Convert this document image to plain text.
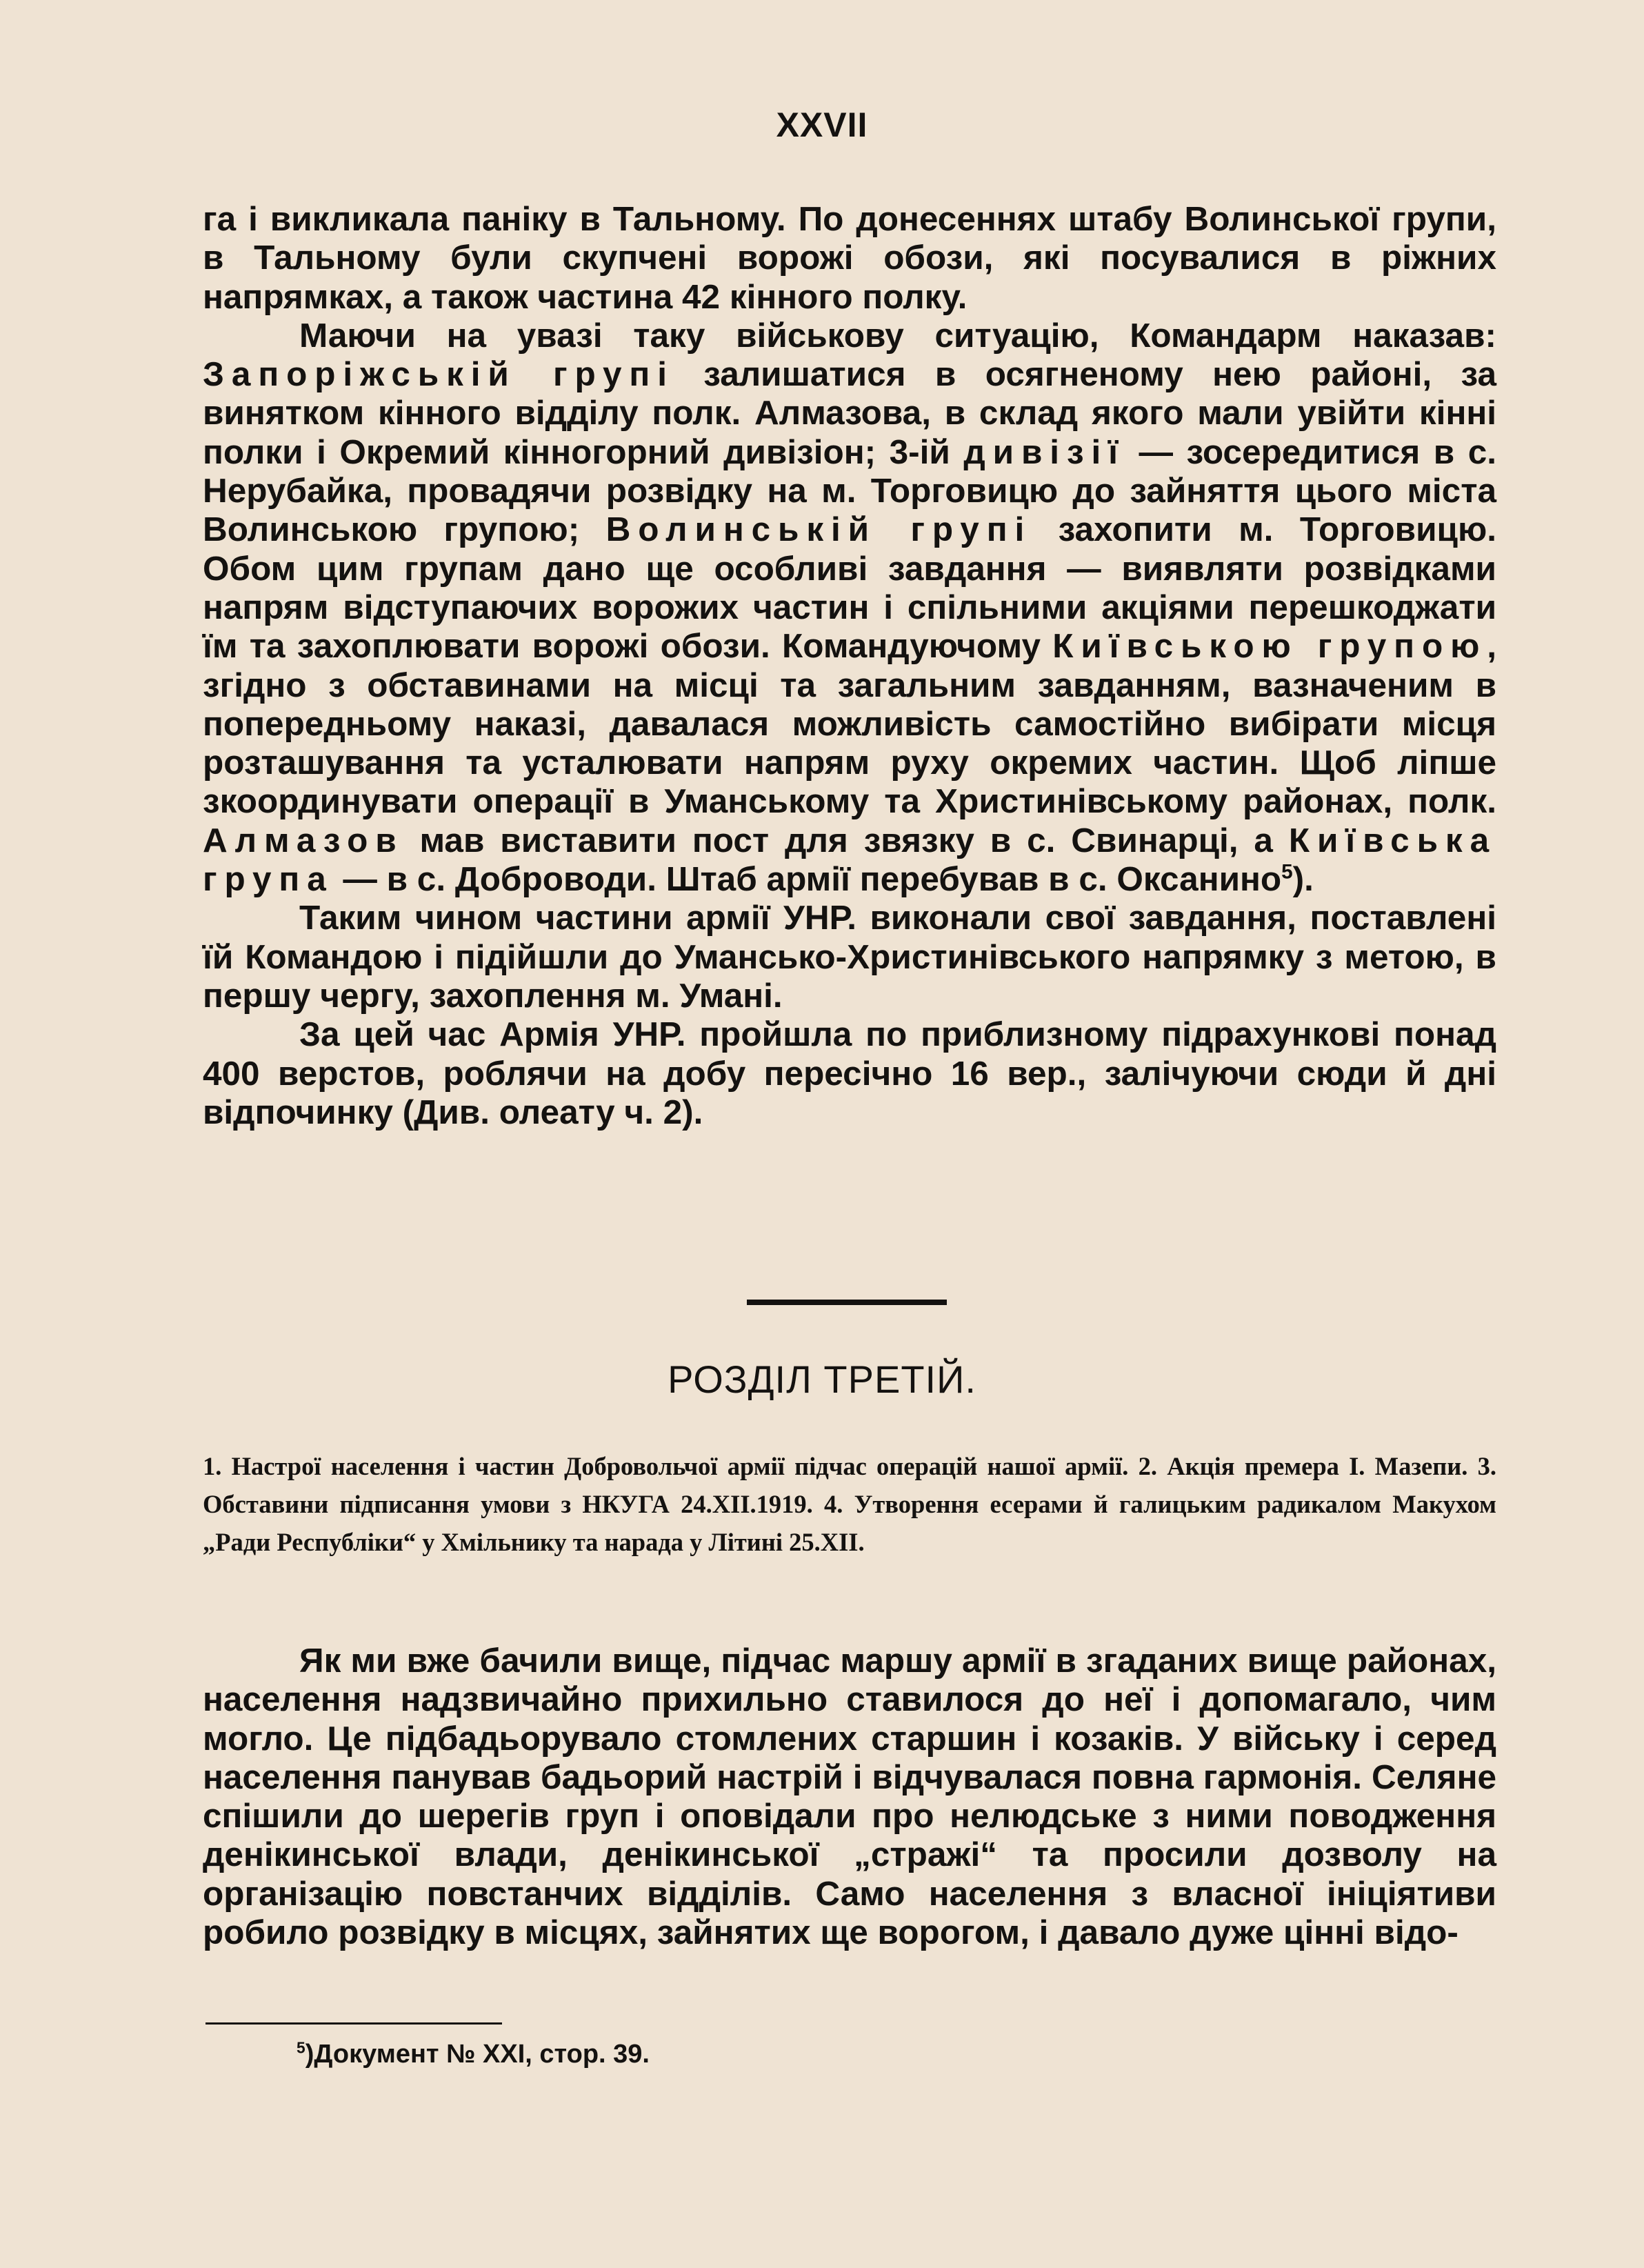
XXVII

га і викликала паніку в Тальному. По донесеннях штабу Волинської групи, в Тальному були скупчені ворожі обози, які посувалися в ріжних напрямках, а також частина 42 кінного полку.

Маючи на увазі таку військову ситуацію, Командарм наказав: Запоріжській групі залишатися в осягненому нею районі, за винятком кінного відділу полк. Алмазова, в склад якого мали увійти кінні полки і Окремий кінногорний дивізіон; 3-ій дивізії — зосередитися в с. Нерубайка, провадячи розвідку на м. Торговицю до зайняття цього міста Волинською групою; Волинській групі захопити м. Торговицю. Обом цим групам дано ще особливі завдання — виявляти розвідками напрям відступаючих ворожих частин і спільними акціями перешкоджати їм та захоплювати ворожі обози. Командуючому Київською групою, згідно з обставинами на місці та загальним завданням, вазначеним в попередньому наказі, давалася можливість самостійно вибірати місця розташування та усталювати напрям руху окремих частин. Щоб ліпше зкоординувати операції в Уманському та Христинівському районах, полк. Алмазов мав виставити пост для звязку в с. Свинарці, а Київська група — в с. Доброводи. Штаб армії перебував в с. Оксанино$^5$).

Таким чином частини армії УНР. виконали свої завдання, поставлені їй Командою і підійшли до Умансько-Христинівського напрямку з метою, в першу чергу, захоплення м. Умані.

За цей час Армія УНР. пройшла по приблизному підрахункові понад 400 верстов, роблячи на добу пересічно 16 вер., залічуючи сюди й дні відпочинку (Див. олеату ч. 2).

РОЗДІЛ ТРЕТІЙ.

1. Настрої населення і частин Добровольчої армії підчас операцій нашої армії. 2. Акція премера І. Мазепи. 3. Обставини підписання умови з НКУГА 24.XII.1919. 4. Утворення есерами й галицьким радикалом Макухом „Ради Республіки“ у Хмільнику та нарада у Літині 25.XII.

Як ми вже бачили вище, підчас маршу армії в згаданих вище районах, населення надзвичайно прихильно ставилося до неї і допомагало, чим могло. Це підбадьорувало стомлених старшин і козаків. У війську і серед населення панував бадьорий настрій і відчувалася повна гармонія. Селяне спішили до шерегів груп і оповідали про нелюдське з ними поводження денікинської влади, денікинської „стражі“ та просили дозволу на організацію повстанчих відділів. Само населення з власної ініціятиви робило розвідку в місцях, зайнятих ще ворогом, і давало дуже цінні відо-

$^5$)Документ № XXI, стор. 39.
